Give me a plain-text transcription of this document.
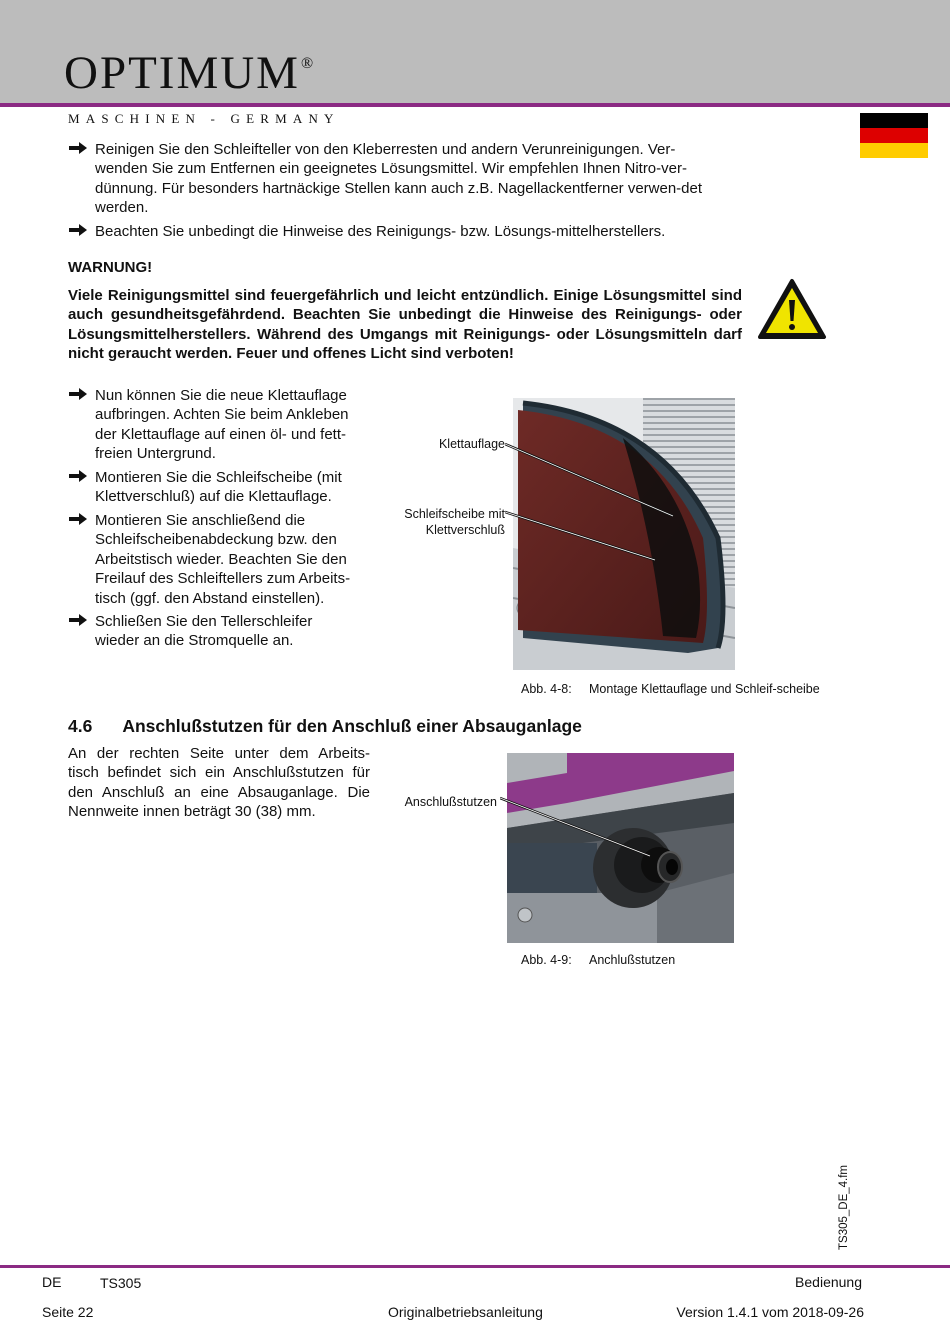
OPTIMUM®
MASCHINEN - GERMANY
Reinigen Sie den Schleifteller von den Kleberresten und andern Verunreinigungen. Ver-
wenden Sie zum Entfernen ein geeignetes Lösungsmittel. Wir empfehlen Ihnen Nitro-ver-
dünnung. Für besonders hartnäckige Stellen kann auch z.B. Nagellackentferner verwen-det
werden.
Beachten Sie unbedingt die Hinweise des Reinigungs- bzw. Lösungs-mittelherstellers.
WARNUNG!
Viele Reinigungsmittel sind feuergefährlich und leicht entzündlich. Einige Lösungsmittel sind auch gesundheitsgefährdend. Beachten Sie unbedingt die Hinweise des Reinigungs- oder Lösungsmittelherstellers. Während des Umgangs mit Reinigungs- oder Lösungsmitteln darf nicht geraucht werden. Feuer und offenes Licht sind verboten!
Nun können Sie die neue Klettauflage
aufbringen. Achten Sie beim Ankleben
der Klettauflage auf einen öl- und fett-
freien Untergrund.
Montieren Sie die Schleifscheibe (mit
Klettverschluß) auf die Klettauflage.
Montieren Sie anschließend die
Schleifscheibenabdeckung bzw. den
Arbeitstisch wieder. Beachten Sie den
Freilauf des Schleiftellers zum Arbeits-
tisch (ggf. den Abstand einstellen).
Schließen Sie den Tellerschleifer
wieder an die Stromquelle an.
Klettauflage
Schleifscheibe mit
Klettverschluß
Abb. 4-8: Montage Klettauflage und Schleif-scheibe
4.6 Anschlußstutzen für den Anschluß einer Absauganlage
An der rechten Seite unter dem Arbeits-
tisch befindet sich ein Anschlußstutzen für
den Anschluß an eine Absauganlage. Die
Nennweite innen beträgt 30 (38) mm.
Anschlußstutzen
Abb. 4-9: Anchlußstutzen
TS305_DE_4.fm
DE	TS305	Bedienung
Seite 22	Originalbetriebsanleitung	Version 1.4.1 vom 2018-09-26
